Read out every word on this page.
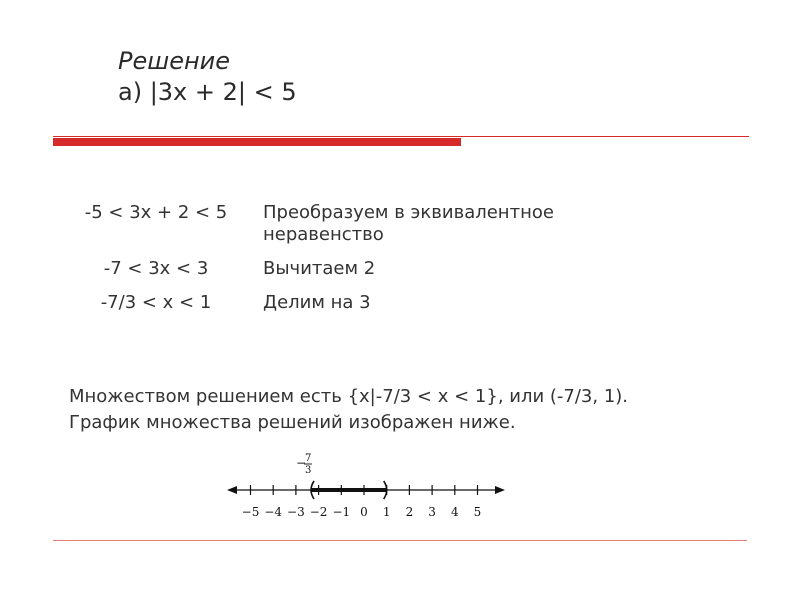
Решение
а) |3x + 2| < 5
-5 < 3x + 2 < 5	Преобразуем в эквивалентное неравенство
-7 < 3x < 3	Вычитаем 2
-7/3 < x < 1	Делим на 3
Множеством решением есть {x|-7/3 < x < 1}, или (-7/3, 1).
График множества решений изображен ниже.
−5 −4 −3 −2 −1 0 1 2 3 4 5
−
7
3
